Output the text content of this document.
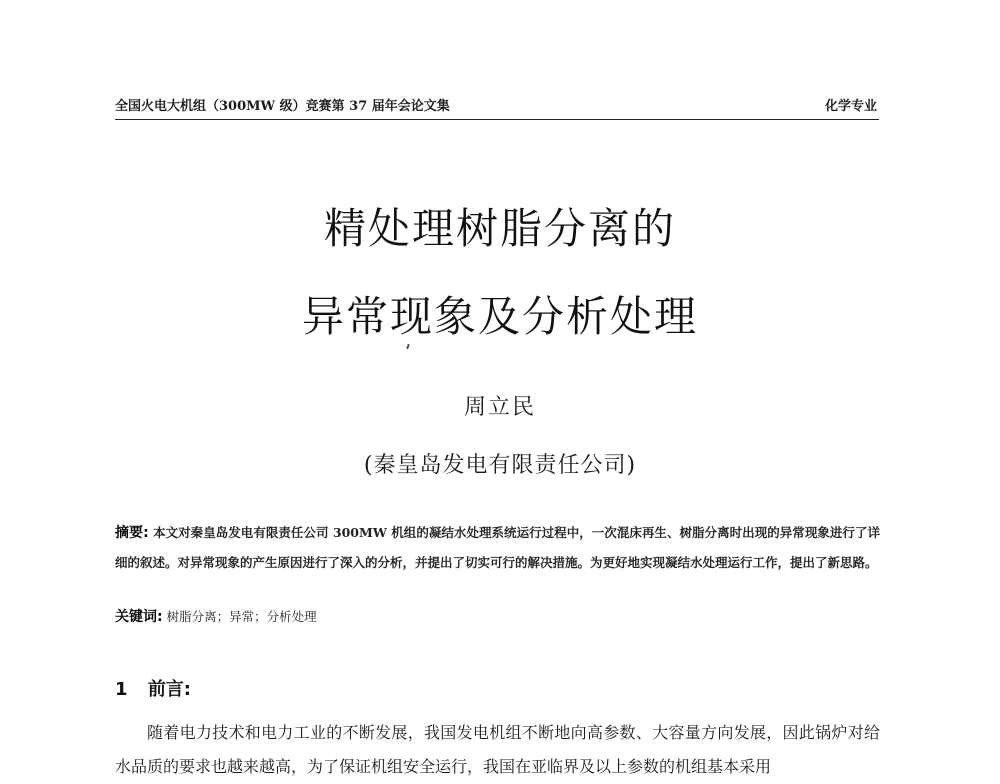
全国火电大机组（300MW 级）竞赛第 37 届年会论文集	化学专业
精处理树脂分离的
异常现象及分析处理
周立民
(秦皇岛发电有限责任公司)
摘要: 本文对秦皇岛发电有限责任公司 300MW 机组的凝结水处理系统运行过程中，一次混床再生、树脂分离时出现的异常现象进行了详细的叙述。对异常现象的产生原因进行了深入的分析，并提出了切实可行的解决措施。为更好地实现凝结水处理运行工作，提出了新思路。
关键词: 树脂分离；异常；分析处理
1 前言:
随着电力技术和电力工业的不断发展，我国发电机组不断地向高参数、大容量方向发展，因此锅炉对给水品质的要求也越来越高，为了保证机组安全运行，我国在亚临界及以上参数的机组基本采用
